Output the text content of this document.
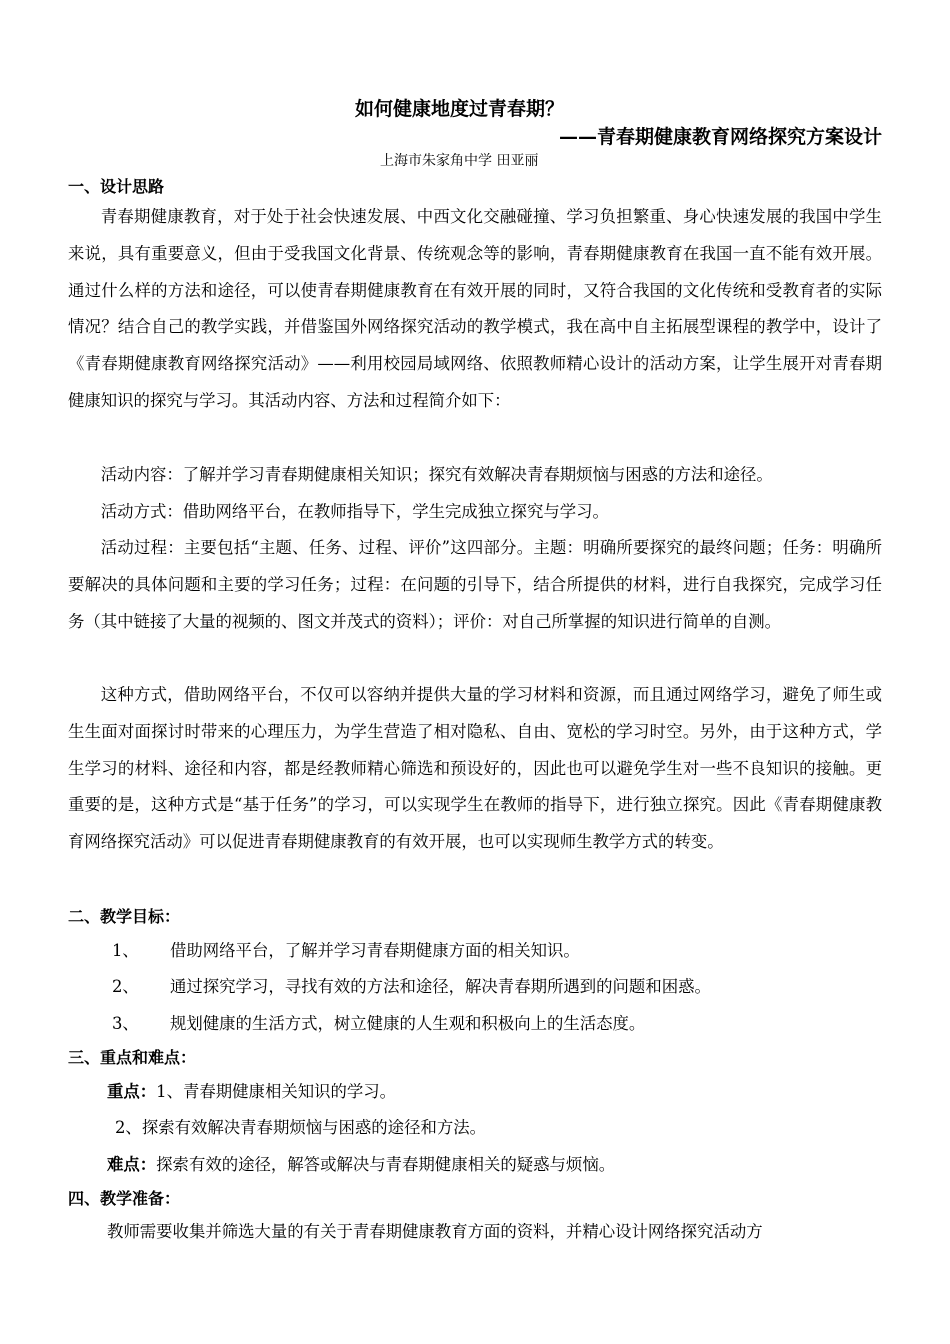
如何健康地度过青春期？
——青春期健康教育网络探究方案设计
上海市朱家角中学 田亚丽
一、设计思路

青春期健康教育，对于处于社会快速发展、中西文化交融碰撞、学习负担繁重、身心快速发展的我国中学生来说，具有重要意义，但由于受我国文化背景、传统观念等的影响，青春期健康教育在我国一直不能有效开展。通过什么样的方法和途径，可以使青春期健康教育在有效开展的同时，又符合我国的文化传统和受教育者的实际情况？结合自己的教学实践，并借鉴国外网络探究活动的教学模式，我在高中自主拓展型课程的教学中，设计了《青春期健康教育网络探究活动》——利用校园局域网络、依照教师精心设计的活动方案，让学生展开对青春期健康知识的探究与学习。其活动内容、方法和过程简介如下：

活动内容：了解并学习青春期健康相关知识；探究有效解决青春期烦恼与困惑的方法和途径。

活动方式：借助网络平台，在教师指导下，学生完成独立探究与学习。

活动过程：主要包括“主题、任务、过程、评价”这四部分。主题：明确所要探究的最终问题；任务：明确所要解决的具体问题和主要的学习任务；过程：在问题的引导下，结合所提供的材料，进行自我探究，完成学习任务（其中链接了大量的视频的、图文并茂式的资料）；评价：对自己所掌握的知识进行简单的自测。

这种方式，借助网络平台，不仅可以容纳并提供大量的学习材料和资源，而且通过网络学习，避免了师生或生生面对面探讨时带来的心理压力，为学生营造了相对隐私、自由、宽松的学习时空。另外，由于这种方式，学生学习的材料、途径和内容，都是经教师精心筛选和预设好的，因此也可以避免学生对一些不良知识的接触。更重要的是，这种方式是“基于任务”的学习，可以实现学生在教师的指导下，进行独立探究。因此《青春期健康教育网络探究活动》可以促进青春期健康教育的有效开展，也可以实现师生教学方式的转变。

二、教学目标：
1、 借助网络平台，了解并学习青春期健康方面的相关知识。
2、 通过探究学习，寻找有效的方法和途径，解决青春期所遇到的问题和困惑。
3、 规划健康的生活方式，树立健康的人生观和积极向上的生活态度。
三、重点和难点：
重点：1、青春期健康相关知识的学习。
2、探索有效解决青春期烦恼与困惑的途径和方法。
难点：探索有效的途径，解答或解决与青春期健康相关的疑惑与烦恼。
四、教学准备：
教师需要收集并筛选大量的有关于青春期健康教育方面的资料，并精心设计网络探究活动方
